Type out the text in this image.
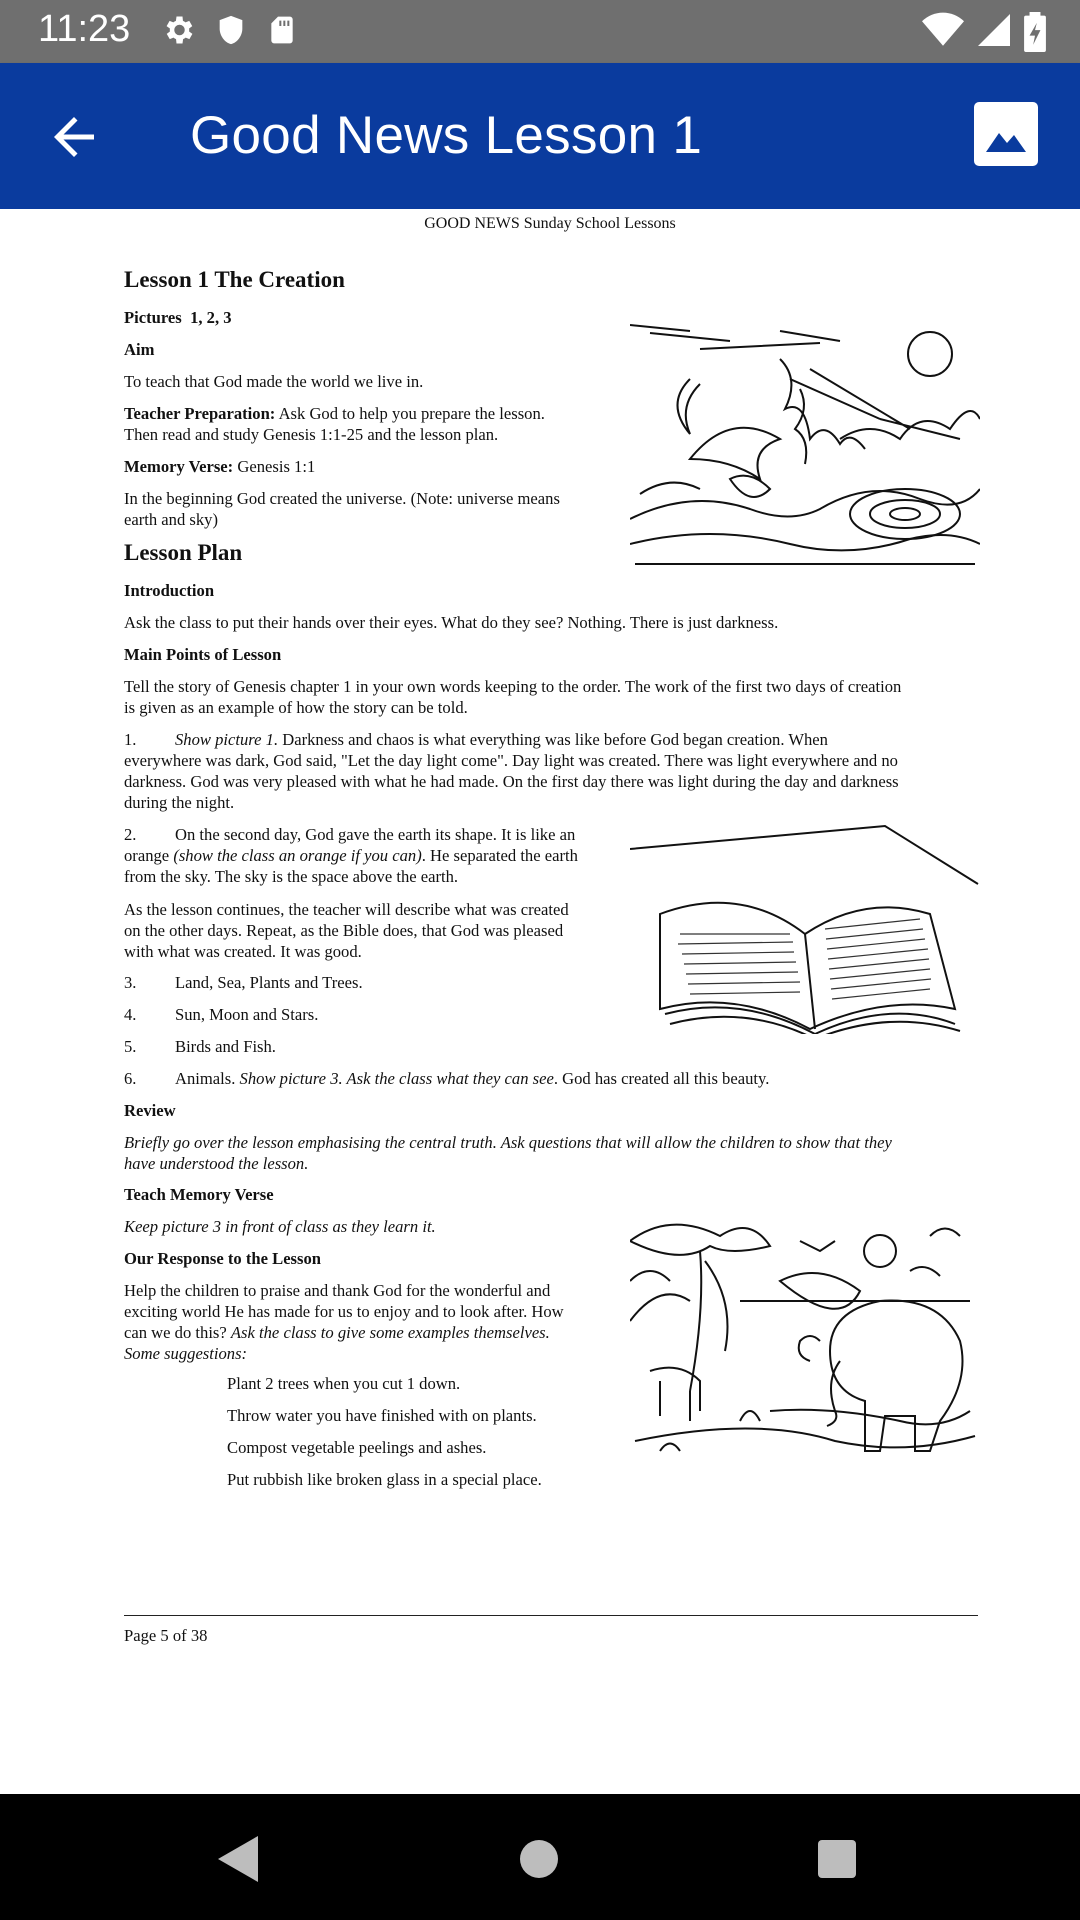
11:23
Good News Lesson 1
GOOD NEWS Sunday School Lessons
Lesson 1 The Creation

Pictures 1, 2, 3

Aim

To teach that God made the world we live in.

Teacher Preparation: Ask God to help you prepare the lesson.
Then read and study Genesis 1:1-25 and the lesson plan.

Memory Verse: Genesis 1:1

In the beginning God created the universe. (Note: universe means
earth and sky)

Lesson Plan

Introduction

Ask the class to put their hands over their eyes. What do they see? Nothing. There is just darkness.

Main Points of Lesson

Tell the story of Genesis chapter 1 in your own words keeping to the order. The work of the first two days of creation
is given as an example of how the story can be told.

1. Show picture 1. Darkness and chaos is what everything was like before God began creation. When
everywhere was dark, God said, "Let the day light come". Day light was created. There was light everywhere and no
darkness. God was very pleased with what he had made. On the first day there was light during the day and darkness
during the night.

2. On the second day, God gave the earth its shape. It is like an
orange (show the class an orange if you can). He separated the earth
from the sky. The sky is the space above the earth.

As the lesson continues, the teacher will describe what was created
on the other days. Repeat, as the Bible does, that God was pleased
with what was created. It was good.

3. Land, Sea, Plants and Trees.

4. Sun, Moon and Stars.

5. Birds and Fish.

6. Animals. Show picture 3. Ask the class what they can see. God has created all this beauty.

Review

Briefly go over the lesson emphasising the central truth. Ask questions that will allow the children to show that they
have understood the lesson.

Teach Memory Verse

Keep picture 3 in front of class as they learn it.

Our Response to the Lesson

Help the children to praise and thank God for the wonderful and
exciting world He has made for us to enjoy and to look after. How
can we do this? Ask the class to give some examples themselves.
Some suggestions:

Plant 2 trees when you cut 1 down.
Throw water you have finished with on plants.
Compost vegetable peelings and ashes.
Put rubbish like broken glass in a special place.
Page 5 of 38
